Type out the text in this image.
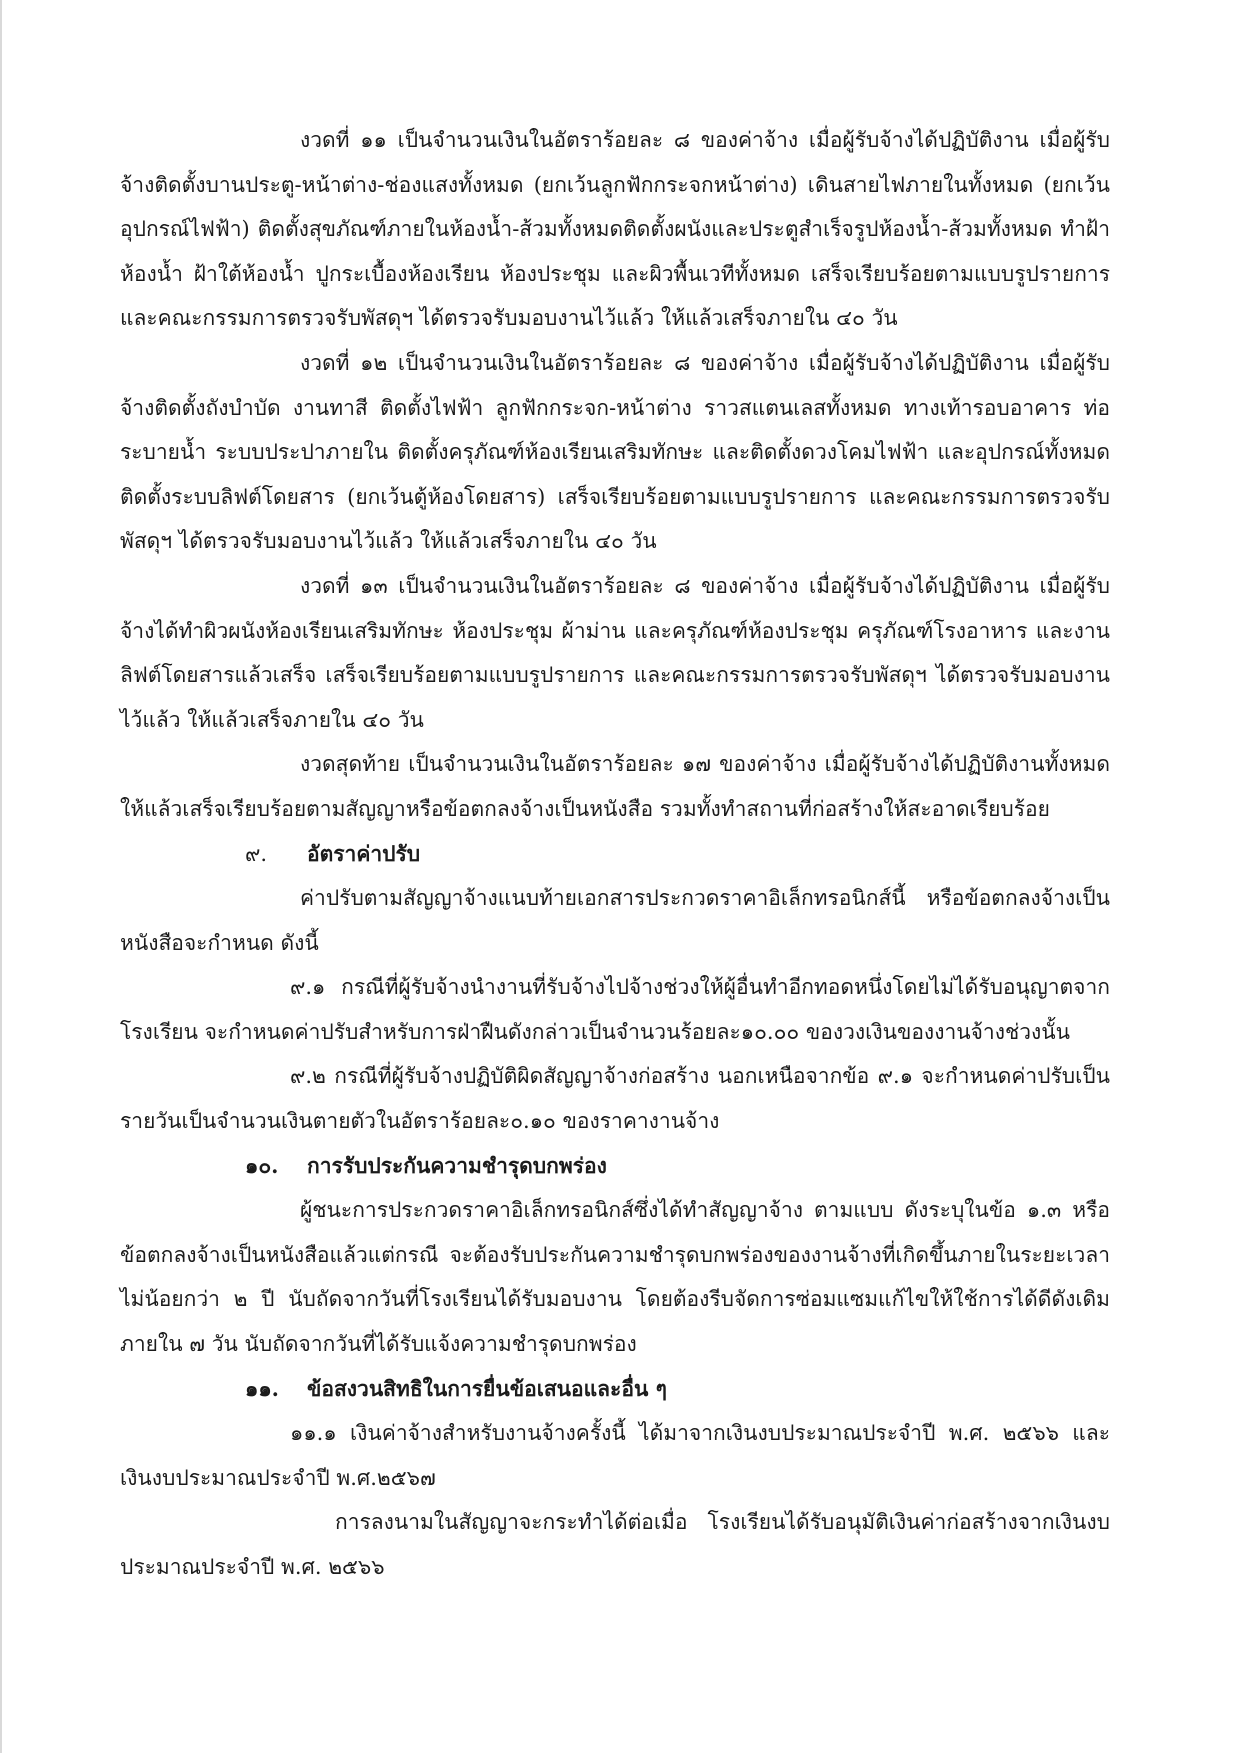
งวดที่ ๑๑ เป็นจำนวนเงินในอัตราร้อยละ ๘ ของค่าจ้าง เมื่อผู้รับจ้างได้ปฏิบัติงาน เมื่อผู้รับจ้างติดตั้งบานประตู-หน้าต่าง-ช่องแสงทั้งหมด (ยกเว้นลูกฟักกระจกหน้าต่าง) เดินสายไฟภายในทั้งหมด (ยกเว้นอุปกรณ์ไฟฟ้า) ติดตั้งสุขภัณฑ์ภายในห้องน้ำ-ส้วมทั้งหมดติดตั้งผนังและประตูสำเร็จรูปห้องน้ำ-ส้วมทั้งหมด ทำฝ้าห้องน้ำ ฝ้าใต้ห้องน้ำ ปูกระเบื้องห้องเรียน ห้องประชุม และผิวพื้นเวทีทั้งหมด เสร็จเรียบร้อยตามแบบรูปรายการ และคณะกรรมการตรวจรับพัสดุฯ ได้ตรวจรับมอบงานไว้แล้ว ให้แล้วเสร็จภายใน ๔๐ วัน

งวดที่ ๑๒ เป็นจำนวนเงินในอัตราร้อยละ ๘ ของค่าจ้าง เมื่อผู้รับจ้างได้ปฏิบัติงาน เมื่อผู้รับจ้างติดตั้งถังบำบัด งานทาสี ติดตั้งไฟฟ้า ลูกฟักกระจก-หน้าต่าง ราวสแตนเลสทั้งหมด ทางเท้ารอบอาคาร ท่อระบายน้ำ ระบบประปาภายใน ติดตั้งครุภัณฑ์ห้องเรียนเสริมทักษะ และติดตั้งดวงโคมไฟฟ้า และอุปกรณ์ทั้งหมด ติดตั้งระบบลิฟต์โดยสาร (ยกเว้นตู้ห้องโดยสาร) เสร็จเรียบร้อยตามแบบรูปรายการ และคณะกรรมการตรวจรับพัสดุฯ ได้ตรวจรับมอบงานไว้แล้ว ให้แล้วเสร็จภายใน ๔๐ วัน

งวดที่ ๑๓ เป็นจำนวนเงินในอัตราร้อยละ ๘ ของค่าจ้าง เมื่อผู้รับจ้างได้ปฏิบัติงาน เมื่อผู้รับจ้างได้ทำผิวผนังห้องเรียนเสริมทักษะ ห้องประชุม ผ้าม่าน และครุภัณฑ์ห้องประชุม ครุภัณฑ์โรงอาหาร และงานลิฟต์โดยสารแล้วเสร็จ เสร็จเรียบร้อยตามแบบรูปรายการ และคณะกรรมการตรวจรับพัสดุฯ ได้ตรวจรับมอบงานไว้แล้ว ให้แล้วเสร็จภายใน ๔๐ วัน

งวดสุดท้าย เป็นจำนวนเงินในอัตราร้อยละ ๑๗ ของค่าจ้าง เมื่อผู้รับจ้างได้ปฏิบัติงานทั้งหมด ให้แล้วเสร็จเรียบร้อยตามสัญญาหรือข้อตกลงจ้างเป็นหนังสือ รวมทั้งทำสถานที่ก่อสร้างให้สะอาดเรียบร้อย

๙. อัตราค่าปรับ

ค่าปรับตามสัญญาจ้างแนบท้ายเอกสารประกวดราคาอิเล็กทรอนิกส์นี้ หรือข้อตกลงจ้างเป็นหนังสือจะกำหนด ดังนี้

๙.๑ กรณีที่ผู้รับจ้างนำงานที่รับจ้างไปจ้างช่วงให้ผู้อื่นทำอีกทอดหนึ่งโดยไม่ได้รับอนุญาตจากโรงเรียน จะกำหนดค่าปรับสำหรับการฝ่าฝืนดังกล่าวเป็นจำนวนร้อยละ๑๐.๐๐ ของวงเงินของงานจ้างช่วงนั้น

๙.๒ กรณีที่ผู้รับจ้างปฏิบัติผิดสัญญาจ้างก่อสร้าง นอกเหนือจากข้อ ๙.๑ จะกำหนดค่าปรับเป็นรายวันเป็นจำนวนเงินตายตัวในอัตราร้อยละ๐.๑๐ ของราคางานจ้าง

๑๐. การรับประกันความชำรุดบกพร่อง

ผู้ชนะการประกวดราคาอิเล็กทรอนิกส์ซึ่งได้ทำสัญญาจ้าง ตามแบบ ดังระบุในข้อ ๑.๓ หรือข้อตกลงจ้างเป็นหนังสือแล้วแต่กรณี จะต้องรับประกันความชำรุดบกพร่องของงานจ้างที่เกิดขึ้นภายในระยะเวลา ไม่น้อยกว่า ๒ ปี นับถัดจากวันที่โรงเรียนได้รับมอบงาน โดยต้องรีบจัดการซ่อมแซมแก้ไขให้ใช้การได้ดีดังเดิมภายใน ๗ วัน นับถัดจากวันที่ได้รับแจ้งความชำรุดบกพร่อง

๑๑. ข้อสงวนสิทธิในการยื่นข้อเสนอและอื่น ๆ

๑๑.๑ เงินค่าจ้างสำหรับงานจ้างครั้งนี้ ได้มาจากเงินงบประมาณประจำปี พ.ศ. ๒๕๖๖ และ เงินงบประมาณประจำปี พ.ศ.๒๕๖๗

การลงนามในสัญญาจะกระทำได้ต่อเมื่อ โรงเรียนได้รับอนุมัติเงินค่าก่อสร้างจากเงินงบประมาณประจำปี พ.ศ. ๒๕๖๖
